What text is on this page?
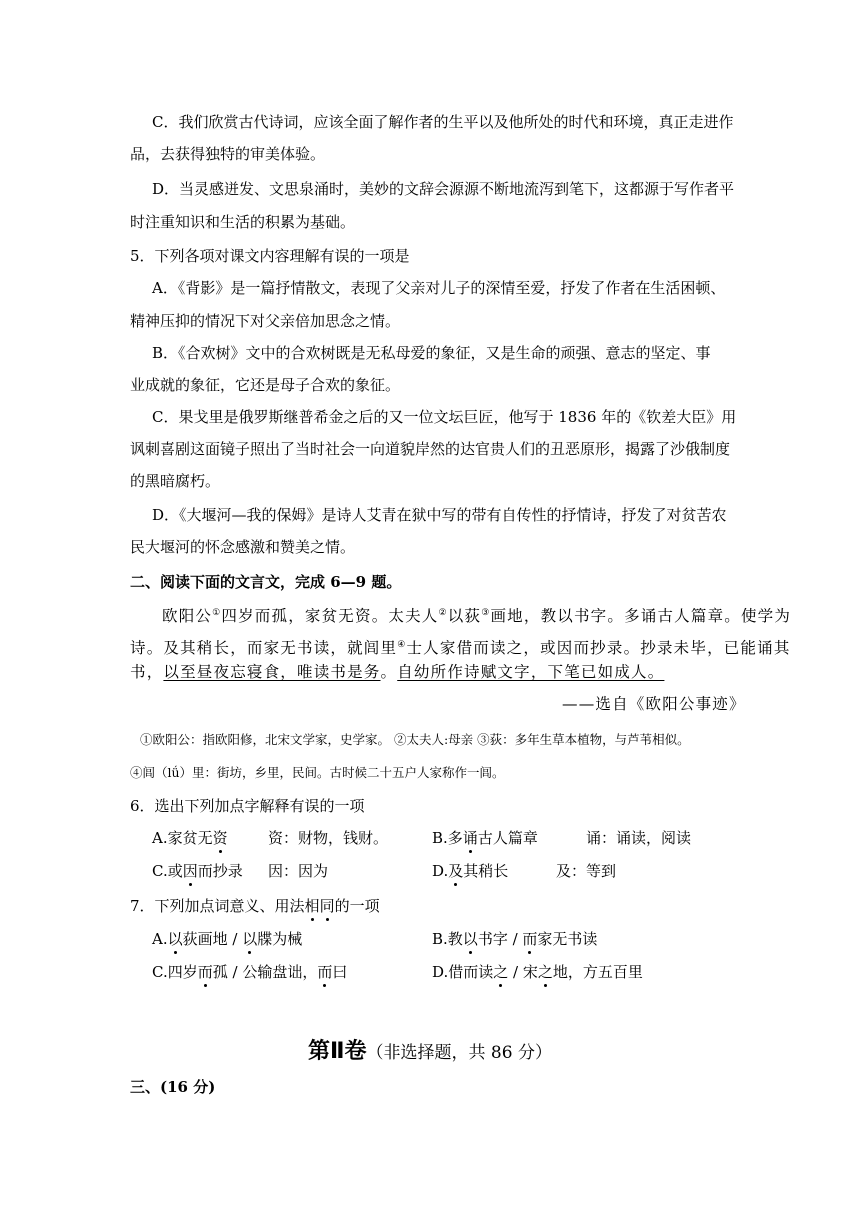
C．我们欣赏古代诗词，应该全面了解作者的生平以及他所处的时代和环境，真正走进作
品，去获得独特的审美体验。
D．当灵感迸发、文思泉涌时，美妙的文辞会源源不断地流泻到笔下，这都源于写作者平
时注重知识和生活的积累为基础。
5．下列各项对课文内容理解有误的一项是
A．《背影》是一篇抒情散文，表现了父亲对儿子的深情至爱，抒发了作者在生活困顿、
精神压抑的情况下对父亲倍加思念之情。
B．《合欢树》文中的合欢树既是无私母爱的象征，又是生命的顽强、意志的坚定、事
业成就的象征，它还是母子合欢的象征。
C．果戈里是俄罗斯继普希金之后的又一位文坛巨匠，他写于 1836 年的《钦差大臣》用
讽刺喜剧这面镜子照出了当时社会一向道貌岸然的达官贵人们的丑恶原形，揭露了沙俄制度
的黑暗腐朽。
D．《大堰河—我的保姆》是诗人艾青在狱中写的带有自传性的抒情诗，抒发了对贫苦农
民大堰河的怀念感激和赞美之情。
二、阅读下面的文言文，完成 6—9 题。
欧阳公①四岁而孤，家贫无资。太夫人②以荻③画地，教以书字。多诵古人篇章。使学为
诗。及其稍长，而家无书读，就闾里④士人家借而读之，或因而抄录。抄录未毕，已能诵其
书，以至昼夜忘寝食，唯读书是务。自幼所作诗赋文字，下笔已如成人。
——选自《欧阳公事迹》
①欧阳公：指欧阳修，北宋文学家，史学家。 ②太夫人:母亲 ③荻：多年生草本植物，与芦苇相似。
④闾（lǘ）里：街坊，乡里，民间。古时候二十五户人家称作一闾。
6．选出下列加点字解释有误的一项
A.家贫无资	资：财物，钱财。	B.多诵古人篇章	诵：诵读，阅读
C.或因而抄录 因：因为	D.及其稍长	及：等到
7．下列加点词意义、用法相同的一项
A.以荻画地 / 以牒为械	B.教以书字 / 而家无书读
C.四岁而孤 / 公输盘诎，而曰	D.借而读之 / 宋之地，方五百里
第Ⅱ卷（非选择题，共 86 分）
三、(16 分)
